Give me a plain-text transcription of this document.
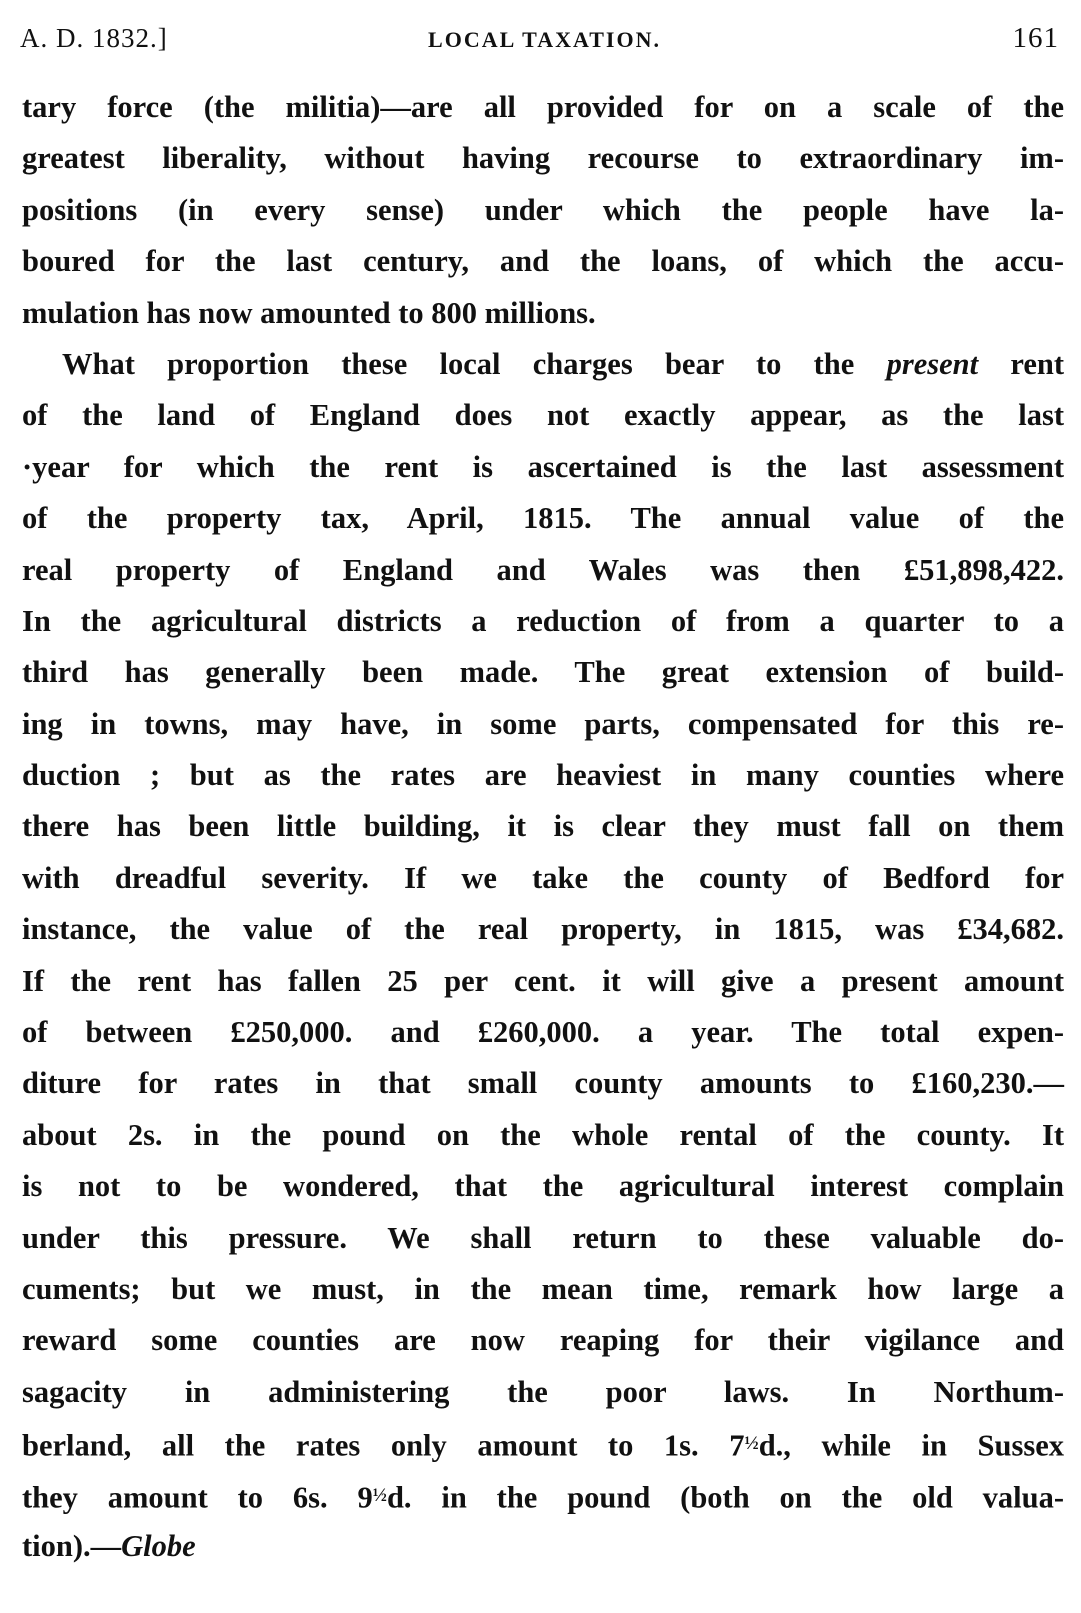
A. D. 1832.]	LOCAL TAXATION.	161
tary force (the militia)—are all provided for on a scale of the
greatest liberality, without having recourse to extraordinary im-
positions (in every sense) under which the people have la-
boured for the last century, and the loans, of which the accu-
mulation has now amounted to 800 millions.
What proportion these local charges bear to the present rent
of the land of England does not exactly appear, as the last
·year for which the rent is ascertained is the last assessment
of the property tax, April, 1815. The annual value of the
real property of England and Wales was then £51,898,422.
In the agricultural districts a reduction of from a quarter to a
third has generally been made. The great extension of build-
ing in towns, may have, in some parts, compensated for this re-
duction ; but as the rates are heaviest in many counties where
there has been little building, it is clear they must fall on them
with dreadful severity. If we take the county of Bedford for
instance, the value of the real property, in 1815, was £34,682.
If the rent has fallen 25 per cent. it will give a present amount
of between £250,000. and £260,000. a year. The total expen-
diture for rates in that small county amounts to £160,230.—
about 2s. in the pound on the whole rental of the county. It
is not to be wondered, that the agricultural interest complain
under this pressure. We shall return to these valuable do-
cuments; but we must, in the mean time, remark how large a
reward some counties are now reaping for their vigilance and
sagacity in administering the poor laws. In Northum-
berland, all the rates only amount to 1s. $7^{\frac{1}{2}}d$., while in Sussex
they amount to 6s. $9^{\frac{1}{2}}d$. in the pound (both on the old valua-
tion).—Globe
